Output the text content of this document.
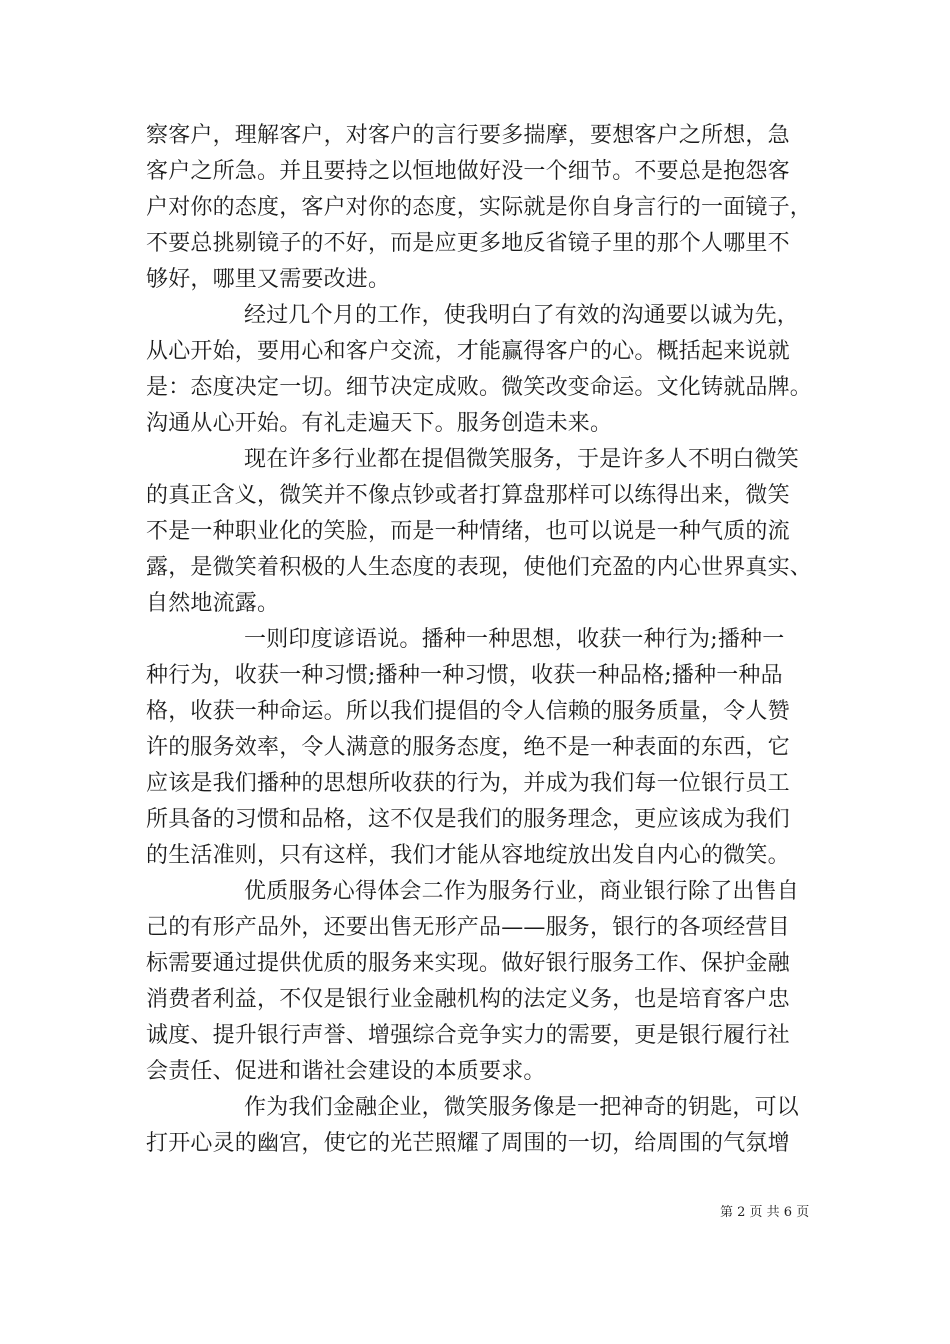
察客户，理解客户，对客户的言行要多揣摩，要想客户之所想，急
客户之所急。并且要持之以恒地做好没一个细节。不要总是抱怨客
户对你的态度，客户对你的态度，实际就是你自身言行的一面镜子，
不要总挑剔镜子的不好，而是应更多地反省镜子里的那个人哪里不
够好，哪里又需要改进。
经过几个月的工作，使我明白了有效的沟通要以诚为先，
从心开始，要用心和客户交流，才能赢得客户的心。概括起来说就
是：态度决定一切。细节决定成败。微笑改变命运。文化铸就品牌。
沟通从心开始。有礼走遍天下。服务创造未来。
现在许多行业都在提倡微笑服务，于是许多人不明白微笑
的真正含义，微笑并不像点钞或者打算盘那样可以练得出来，微笑
不是一种职业化的笑脸，而是一种情绪，也可以说是一种气质的流
露，是微笑着积极的人生态度的表现，使他们充盈的内心世界真实、
自然地流露。
一则印度谚语说。播种一种思想，收获一种行为;播种一
种行为，收获一种习惯;播种一种习惯，收获一种品格;播种一种品
格，收获一种命运。所以我们提倡的令人信赖的服务质量，令人赞
许的服务效率，令人满意的服务态度，绝不是一种表面的东西，它
应该是我们播种的思想所收获的行为，并成为我们每一位银行员工
所具备的习惯和品格，这不仅是我们的服务理念，更应该成为我们
的生活准则，只有这样，我们才能从容地绽放出发自内心的微笑。
优质服务心得体会二作为服务行业，商业银行除了出售自
己的有形产品外，还要出售无形产品——服务，银行的各项经营目
标需要通过提供优质的服务来实现。做好银行服务工作、保护金融
消费者利益，不仅是银行业金融机构的法定义务，也是培育客户忠
诚度、提升银行声誉、增强综合竞争实力的需要，更是银行履行社
会责任、促进和谐社会建设的本质要求。
作为我们金融企业，微笑服务像是一把神奇的钥匙，可以
打开心灵的幽宫，使它的光芒照耀了周围的一切，给周围的气氛增
第 2 页 共 6 页
